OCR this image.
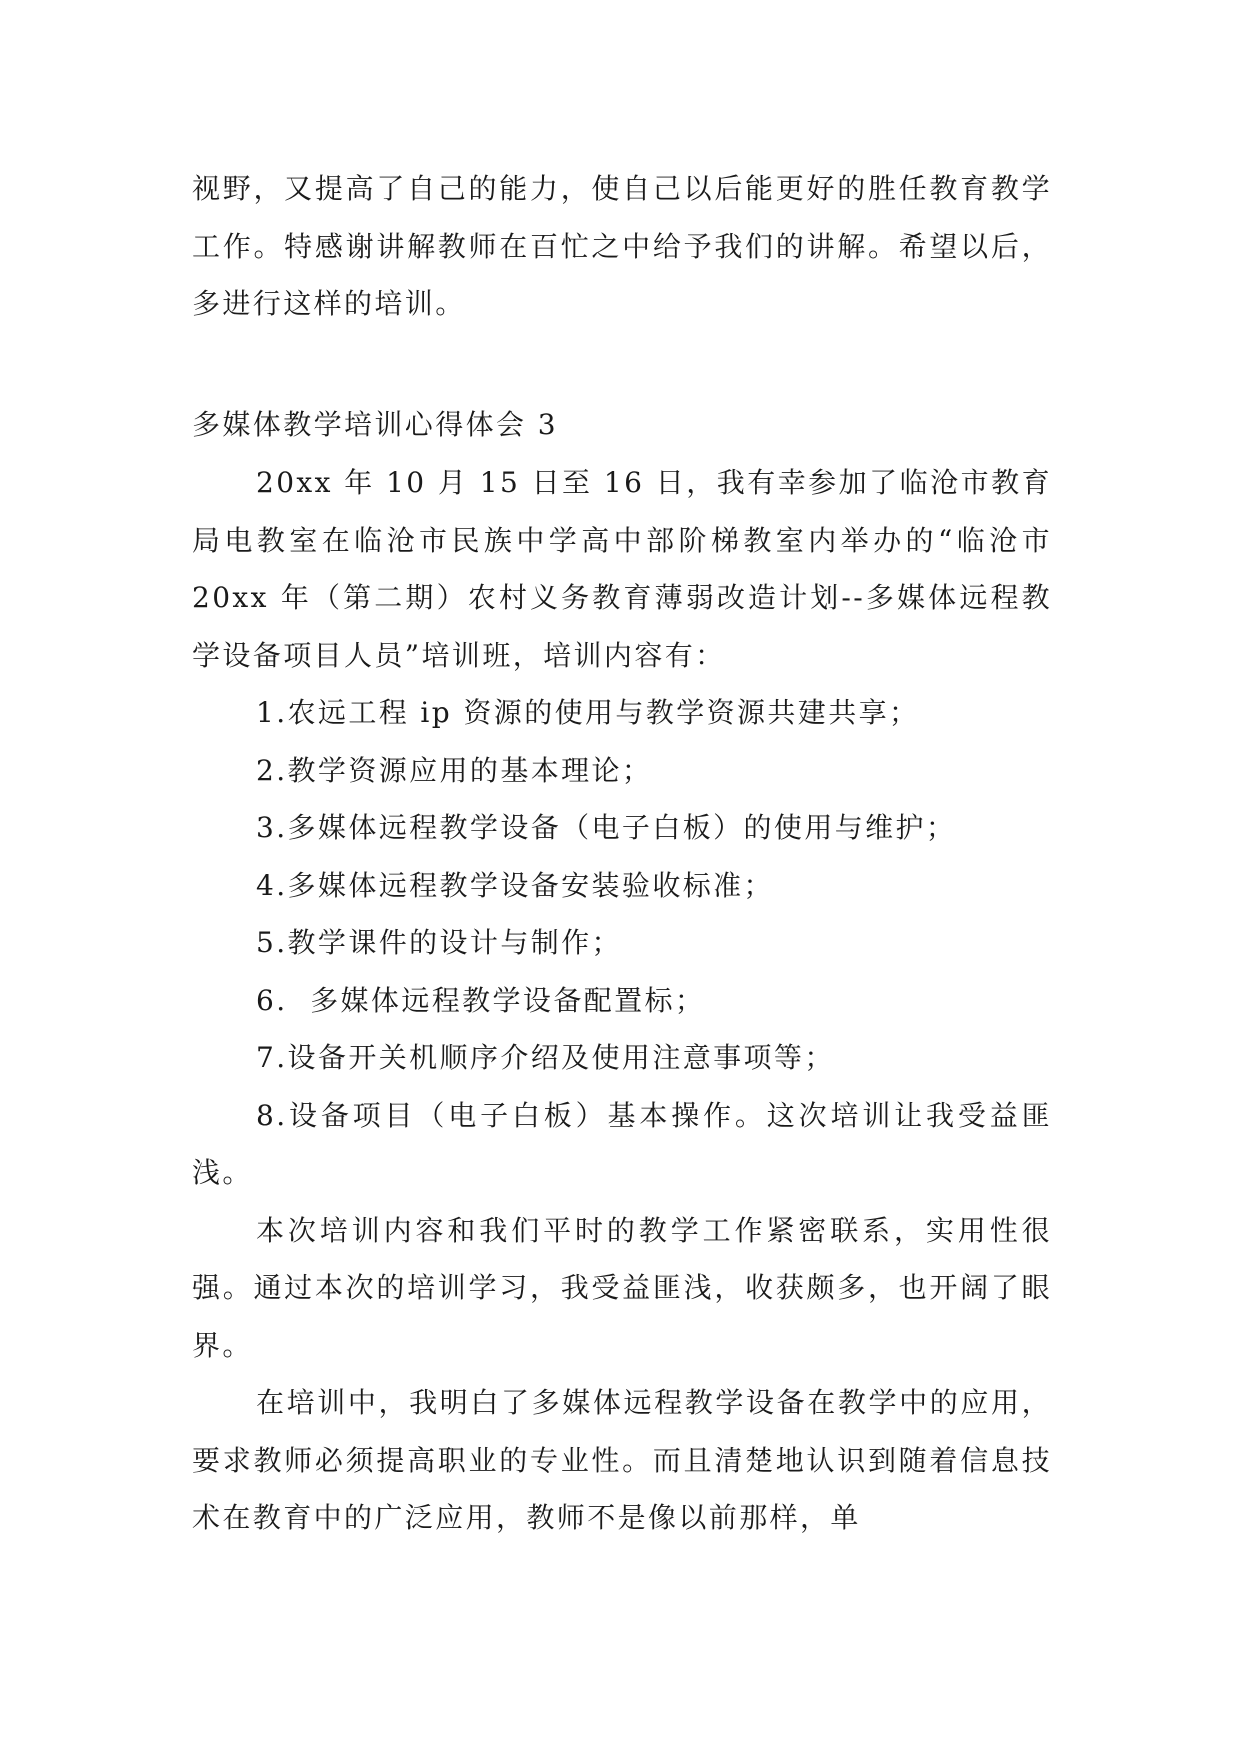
视野，又提高了自己的能力，使自己以后能更好的胜任教育教学工作。特感谢讲解教师在百忙之中给予我们的讲解。希望以后，多进行这样的培训。

多媒体教学培训心得体会 3

20xx 年 10 月 15 日至 16 日，我有幸参加了临沧市教育局电教室在临沧市民族中学高中部阶梯教室内举办的“临沧市 20xx 年（第二期）农村义务教育薄弱改造计划--多媒体远程教学设备项目人员”培训班，培训内容有：

1.农远工程 ip 资源的使用与教学资源共建共享；

2.教学资源应用的基本理论；

3.多媒体远程教学设备（电子白板）的使用与维护；

4.多媒体远程教学设备安装验收标准；

5.教学课件的设计与制作；

6.  多媒体远程教学设备配置标；

7.设备开关机顺序介绍及使用注意事项等；

8.设备项目（电子白板）基本操作。这次培训让我受益匪浅。

本次培训内容和我们平时的教学工作紧密联系，实用性很强。通过本次的培训学习，我受益匪浅，收获颇多，也开阔了眼界。

在培训中，我明白了多媒体远程教学设备在教学中的应用，要求教师必须提高职业的专业性。而且清楚地认识到随着信息技术在教育中的广泛应用，教师不是像以前那样，单
